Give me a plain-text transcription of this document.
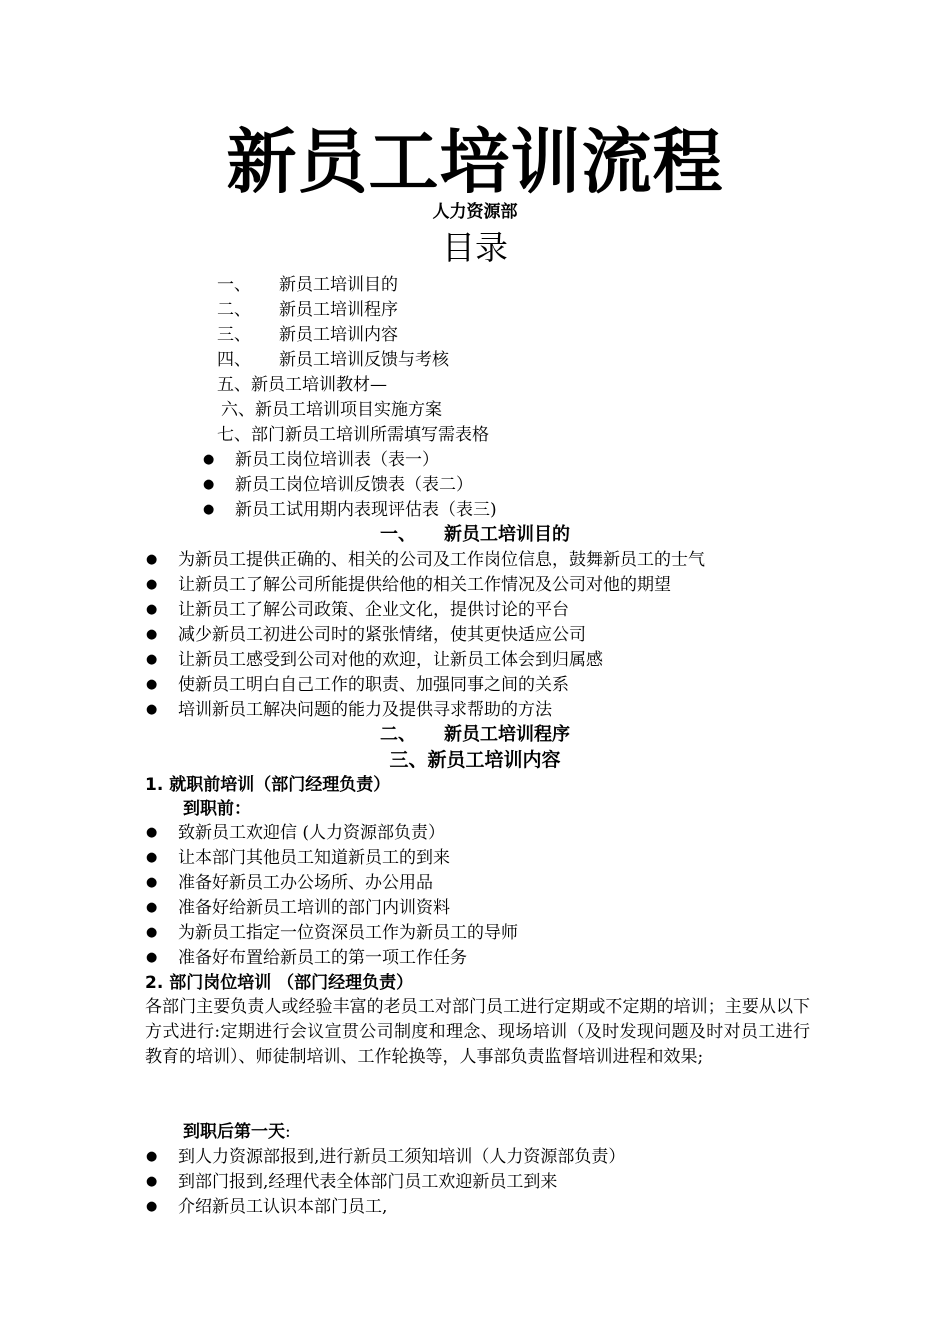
新员工培训流程
人力资源部
目录
一、 新员工培训目的
二、 新员工培训程序
三、 新员工培训内容
四、 新员工培训反馈与考核
五、新员工培训教材—
六、新员工培训项目实施方案
七、部门新员工培训所需填写需表格
● 新员工岗位培训表（表一）
● 新员工岗位培训反馈表（表二）
● 新员工试用期内表现评估表（表三)
一、 新员工培训目的
● 为新员工提供正确的、相关的公司及工作岗位信息，鼓舞新员工的士气
● 让新员工了解公司所能提供给他的相关工作情况及公司对他的期望
● 让新员工了解公司政策、企业文化，提供讨论的平台
● 减少新员工初进公司时的紧张情绪，使其更快适应公司
● 让新员工感受到公司对他的欢迎，让新员工体会到归属感
● 使新员工明白自己工作的职责、加强同事之间的关系
● 培训新员工解决问题的能力及提供寻求帮助的方法
二、 新员工培训程序
三、新员工培训内容
1. 就职前培训（部门经理负责）
到职前：
● 致新员工欢迎信 (人力资源部负责）
● 让本部门其他员工知道新员工的到来
● 准备好新员工办公场所、办公用品
● 准备好给新员工培训的部门内训资料
● 为新员工指定一位资深员工作为新员工的导师
● 准备好布置给新员工的第一项工作任务
2. 部门岗位培训 （部门经理负责）
各部门主要负责人或经验丰富的老员工对部门员工进行定期或不定期的培训；主要从以下方式进行:定期进行会议宣贯公司制度和理念、现场培训（及时发现问题及时对员工进行教育的培训）、师徒制培训、工作轮换等，人事部负责监督培训进程和效果;
到职后第一天:
● 到人力资源部报到,进行新员工须知培训（人力资源部负责）
● 到部门报到,经理代表全体部门员工欢迎新员工到来
● 介绍新员工认识本部门员工,
